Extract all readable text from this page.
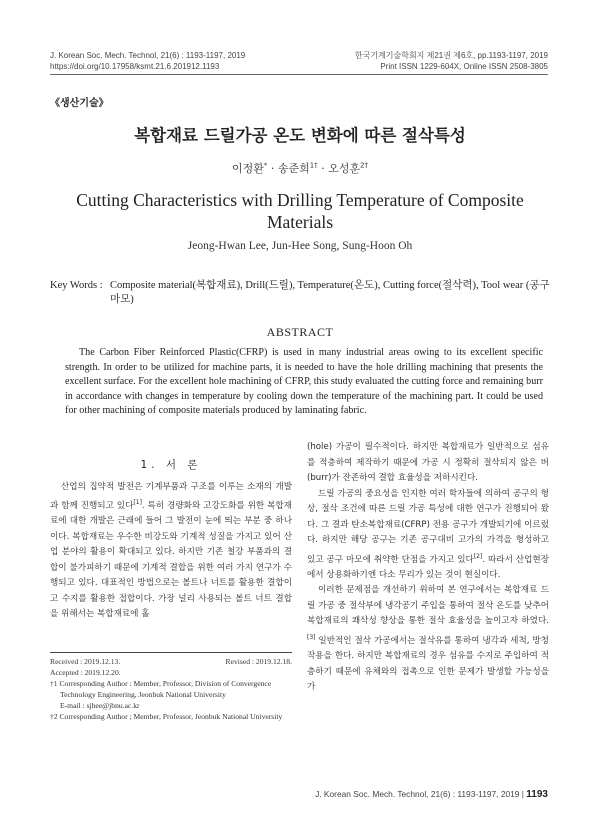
J. Korean Soc. Mech. Technol, 21(6) : 1193-1197, 2019
https://doi.org/10.17958/ksmt.21.6.201912.1193
한국기계기술학회지 제21권 제6호, pp.1193-1197, 2019
Print ISSN 1229-604X, Online ISSN 2508-3805
《생산기술》
복합재료 드릴가공 온도 변화에 따른 절삭특성
이정환* · 송준희$^{1\dagger}$ · 오성훈$^{2\dagger}$
Cutting Characteristics with Drilling Temperature of Composite
Materials
Jeong-Hwan Lee, Jun-Hee Song, Sung-Hoon Oh
Key Words : Composite material(복합재료), Drill(드릴), Temperature(온도), Cutting force(절삭력), Tool wear (공구마모)
ABSTRACT

The Carbon Fiber Reinforced Plastic(CFRP) is used in many industrial areas owing to its excellent specific strength. In order to be utilized for machine parts, it is needed to have the hole drilling machining that presents the excellent surface. For the excellent hole machining of CFRP, this study evaluated the cutting force and remaining burr in accordance with changes in temperature by cooling down the temperature of the machining part. It could be used for other machining of composite materials produced by laminating fabric.

1. 서 론

산업의 집약적 발전은 기계부품과 구조를 이루는 소재의 개발과 함께 진행되고 있다[1]. 특히 경량화와 고강도화를 위한 복합재료에 대한 개발은 근래에 들어 그 발전이 눈에 띄는 부분 중 하나이다. 복합재료는 우수한 비강도와 기계적 성질을 가지고 있어 산업 분야의 활용이 확대되고 있다. 하지만 기존 철강 부품과의 결합이 불가피하기 때문에 기계적 결합을 위한 여러 가지 연구가 수행되고 있다. 대표적인 방법으로는 볼트나 너트를 활용한 결합이고 수지를 활용한 접합이다. 가장 널리 사용되는 볼트 너트 결합을 위해서는 복합재료에 홀

Received : 2019.12.13.	Revised : 2019.12.18.
Accepted : 2019.12.20.
†1 Corresponding Author : Member, Professor, Division of Convergence Technology Engineering, Jeonbuk National University
E-mail : sjhee@jbnu.ac.kr
†2 Corresponding Author ; Member, Professor, Jeonbuk National University

(hole) 가공이 필수적이다. 하지만 복합재료가 일반적으로 섬유를 적층하여 제작하기 때문에 가공 시 정확히 절삭되지 않은 버(burr)가 잔존하여 결합 효율성을 저하시킨다.

드릴 가공의 중요성을 인지한 여러 학자들에 의하여 공구의 형상, 절삭 조건에 따른 드릴 가공 특성에 대한 연구가 진행되어 왔다. 그 결과 탄소복합재료(CFRP) 전용 공구가 개발되기에 이르렀다. 하지만 해당 공구는 기존 공구대비 고가의 가격을 형성하고 있고 공구 마모에 취약한 단점을 가지고 있다[2]. 따라서 산업현장에서 상용화하기엔 다소 무리가 있는 것이 현실이다.

이러한 문제점을 개선하기 위하여 본 연구에서는 복합재료 드릴 가공 중 절삭부에 냉각공기 주입을 통하여 절삭 온도를 낮추어 복합재료의 쾌삭성 향상을 통한 절삭 효율성을 높이고자 하였다.[3] 일반적인 절삭 가공에서는 절삭유를 통하여 냉각과 세척, 방청 작용을 한다. 하지만 복합재료의 경우 섬유를 수지로 주입하여 적층하기 때문에 유체와의 접촉으로 인한 문제가 발생할 가능성을 가

J. Korean Soc. Mech. Technol, 21(6) : 1193-1197, 2019 | 1193
